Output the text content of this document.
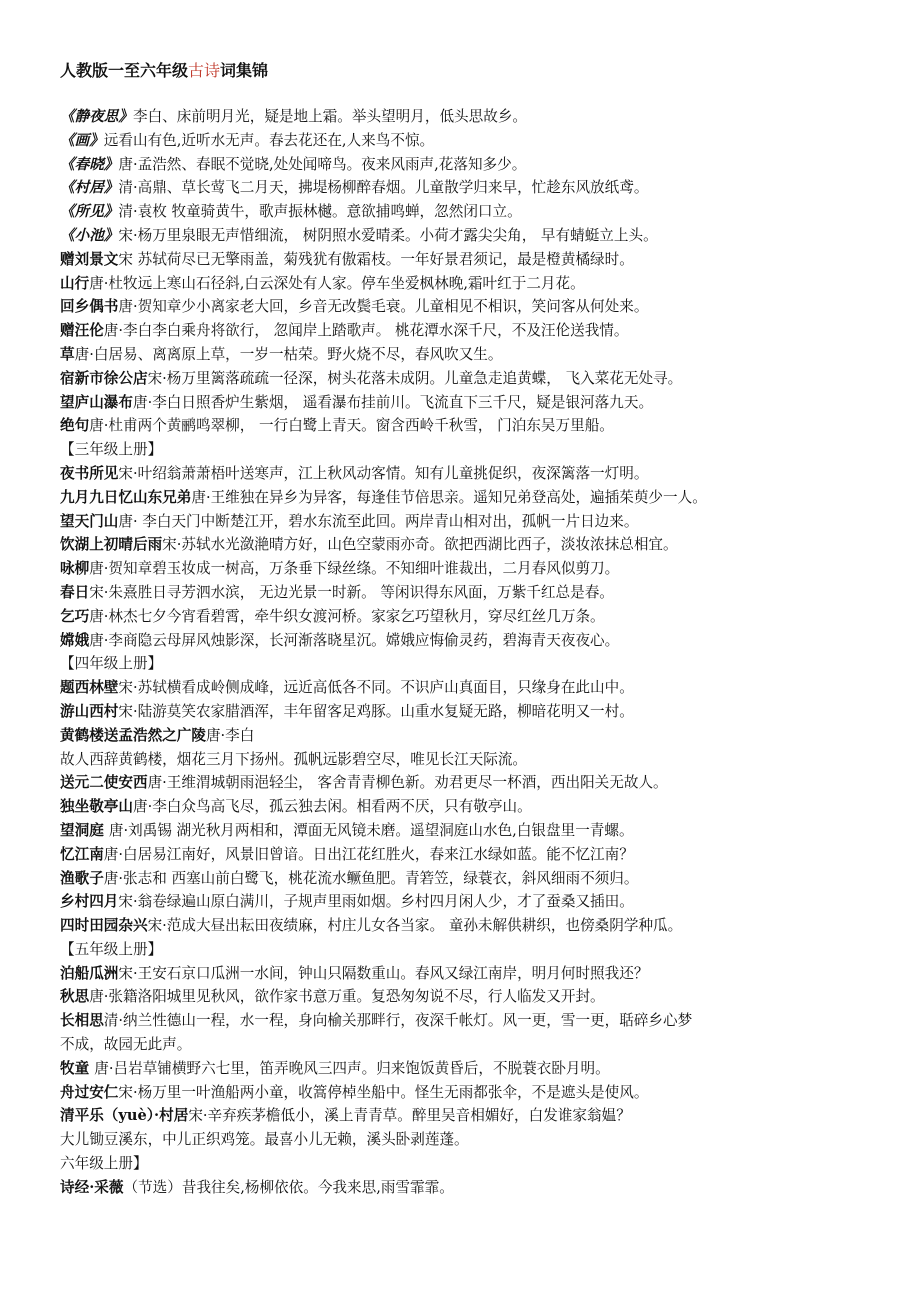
人教版一至六年级古诗词集锦
《静夜思》李白、床前明月光，疑是地上霜。举头望明月，低头思故乡。
《画》远看山有色,近听水无声。春去花还在,人来鸟不惊。
《春晓》唐·孟浩然、春眠不觉晓,处处闻啼鸟。夜来风雨声,花落知多少。
《村居》清·高鼎、草长莺飞二月天，拂堤杨柳醉春烟。儿童散学归来早，忙趁东风放纸鸢。
《所见》清·袁枚 牧童骑黄牛，歌声振林樾。意欲捕鸣蝉，忽然闭口立。
《小池》宋·杨万里泉眼无声惜细流， 树阴照水爱晴柔。小荷才露尖尖角， 早有蜻蜓立上头。
赠刘景文宋 苏轼荷尽已无擎雨盖，菊残犹有傲霜枝。一年好景君须记，最是橙黄橘绿时。
山行唐·杜牧远上寒山石径斜,白云深处有人家。停车坐爱枫林晚,霜叶红于二月花。
回乡偶书唐·贺知章少小离家老大回，乡音无改鬓毛衰。儿童相见不相识，笑问客从何处来。
赠汪伦唐·李白李白乘舟将欲行， 忽闻岸上踏歌声。 桃花潭水深千尺，不及汪伦送我情。
草唐·白居易、离离原上草，一岁一枯荣。野火烧不尽，春风吹又生。
宿新市徐公店宋·杨万里篱落疏疏一径深，树头花落未成阴。儿童急走追黄蝶， 飞入菜花无处寻。
望庐山瀑布唐·李白日照香炉生紫烟， 遥看瀑布挂前川。飞流直下三千尺，疑是银河落九天。
绝句唐·杜甫两个黄鹂鸣翠柳， 一行白鹭上青天。窗含西岭千秋雪， 门泊东吴万里船。
【三年级上册】
夜书所见宋·叶绍翁萧萧梧叶送寒声，江上秋风动客情。知有儿童挑促织，夜深篱落一灯明。
九月九日忆山东兄弟唐·王维独在异乡为异客，每逢佳节倍思亲。遥知兄弟登高处，遍插茱萸少一人。
望天门山唐· 李白天门中断楚江开，碧水东流至此回。两岸青山相对出，孤帆一片日边来。
饮湖上初晴后雨宋·苏轼水光潋滟晴方好，山色空蒙雨亦奇。欲把西湖比西子，淡妆浓抹总相宜。
咏柳唐·贺知章碧玉妆成一树高，万条垂下绿丝绦。不知细叶谁裁出，二月春风似剪刀。
春日宋·朱熹胜日寻芳泗水滨， 无边光景一时新。 等闲识得东风面，万紫千红总是春。
乞巧唐·林杰七夕今宵看碧霄，牵牛织女渡河桥。家家乞巧望秋月，穿尽红丝几万条。
嫦娥唐·李商隐云母屏风烛影深，长河渐落晓星沉。嫦娥应悔偷灵药，碧海青天夜夜心。
【四年级上册】
题西林壁宋·苏轼横看成岭侧成峰，远近高低各不同。不识庐山真面目，只缘身在此山中。
游山西村宋·陆游莫笑农家腊酒浑，丰年留客足鸡豚。山重水复疑无路，柳暗花明又一村。
黄鹤楼送孟浩然之广陵唐·李白
故人西辞黄鹤楼，烟花三月下扬州。孤帆远影碧空尽，唯见长江天际流。
送元二使安西唐·王维渭城朝雨浥轻尘， 客舍青青柳色新。劝君更尽一杯酒，西出阳关无故人。
独坐敬亭山唐·李白众鸟高飞尽，孤云独去闲。相看两不厌，只有敬亭山。
望洞庭 唐·刘禹锡 湖光秋月两相和，潭面无风镜未磨。遥望洞庭山水色,白银盘里一青螺。
忆江南唐·白居易江南好，风景旧曾谙。日出江花红胜火，春来江水绿如蓝。能不忆江南？
渔歌子唐·张志和 西塞山前白鹭飞，桃花流水鳜鱼肥。青箬笠，绿蓑衣，斜风细雨不须归。
乡村四月宋·翁卷绿遍山原白满川，子规声里雨如烟。乡村四月闲人少，才了蚕桑又插田。
四时田园杂兴宋·范成大昼出耘田夜绩麻，村庄儿女各当家。 童孙未解供耕织，也傍桑阴学种瓜。
【五年级上册】
泊船瓜洲宋·王安石京口瓜洲一水间，钟山只隔数重山。春风又绿江南岸，明月何时照我还？
秋思唐·张籍洛阳城里见秋风，欲作家书意万重。复恐匆匆说不尽，行人临发又开封。
长相思清·纳兰性德山一程，水一程，身向榆关那畔行，夜深千帐灯。风一更，雪一更，聒碎乡心梦
不成，故园无此声。
牧童 唐·吕岩草铺横野六七里，笛弄晚风三四声。归来饱饭黄昏后，不脱蓑衣卧月明。
舟过安仁宋·杨万里一叶渔船两小童，收篙停棹坐船中。怪生无雨都张伞，不是遮头是使风。
清平乐（yuè）·村居宋·辛弃疾茅檐低小，溪上青青草。醉里吴音相媚好，白发谁家翁媪？
大儿锄豆溪东，中儿正织鸡笼。最喜小儿无赖，溪头卧剥莲蓬。
六年级上册】
诗经·采薇（节选）昔我往矣,杨柳依依。今我来思,雨雪霏霏。
